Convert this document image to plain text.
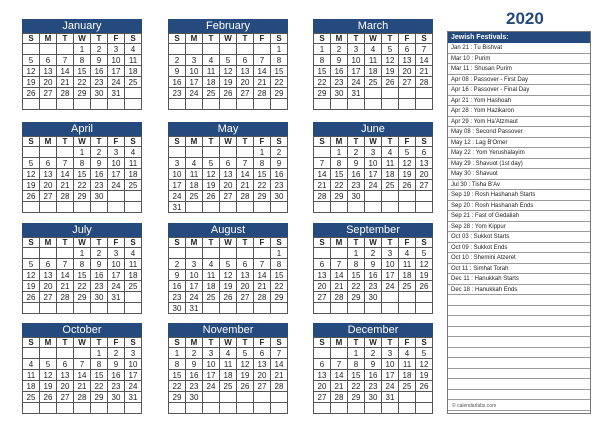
2020
January
S	M	T	W	T	F	S
			1	2	3	4
5	6	7	8	9	10	11
12	13	14	15	16	17	18
19	20	21	22	23	24	25
26	27	28	29	30	31	

February
S	M	T	W	T	F	S
						1
2	3	4	5	6	7	8
9	10	11	12	13	14	15
16	17	18	19	20	21	22
23	24	25	26	27	28	29

March
S	M	T	W	T	F	S
1	2	3	4	5	6	7
8	9	10	11	12	13	14
15	16	17	18	19	20	21
22	23	24	25	26	27	28
29	30	31				

April
S	M	T	W	T	F	S
			1	2	3	4
5	6	7	8	9	10	11
12	13	14	15	16	17	18
19	20	21	22	23	24	25
26	27	28	29	30		

May
S	M	T	W	T	F	S
					1	2
3	4	5	6	7	8	9
10	11	12	13	14	15	16
17	18	19	20	21	22	23
24	25	26	27	28	29	30
31						
June
S	M	T	W	T	F	S
	1	2	3	4	5	6
7	8	9	10	11	12	13
14	15	16	17	18	19	20
21	22	23	24	25	26	27
28	29	30				

July
S	M	T	W	T	F	S
			1	2	3	4
5	6	7	8	9	10	11
12	13	14	15	16	17	18
19	20	21	22	23	24	25
26	27	28	29	30	31	

August
S	M	T	W	T	F	S
						1
2	3	4	5	6	7	8
9	10	11	12	13	14	15
16	17	18	19	20	21	22
23	24	25	26	27	28	29
30	31					
September
S	M	T	W	T	F	S
		1	2	3	4	5
6	7	8	9	10	11	12
13	14	15	16	17	18	19
20	21	22	23	24	25	26
27	28	29	30			

October
S	M	T	W	T	F	S
				1	2	3
4	5	6	7	8	9	10
11	12	13	14	15	16	17
18	19	20	21	22	23	24
25	26	27	28	29	30	31

November
S	M	T	W	T	F	S
1	2	3	4	5	6	7
8	9	10	11	12	13	14
15	16	17	18	19	20	21
22	23	24	25	26	27	28
29	30					

December
S	M	T	W	T	F	S
		1	2	3	4	5
6	7	8	9	10	11	12
13	14	15	16	17	18	19
20	21	22	23	24	25	26
27	28	29	30	31		

Jewish Festivals:
Jan 21 : Tu Bishvat
Mar 10 : Purim
Mar 11 : Shusan Purim
Apr 08 : Passover - First Day
Apr 16 : Passover - Final Day
Apr 21 : Yom Hashoah
Apr 28 : Yom Hazikaron
Apr 29 : Yom Ha'Atzmaut
May 08 : Second Passover
May 12 : Lag B'Omer
May 22 : Yom Yerushalayim
May 29 : Shavuot (1st day)
May 30 : Shavuot
Jul 30 : Tisha B'Av
Sep 19 : Rosh Hashanah Starts
Sep 20 : Rosh Hashanah Ends
Sep 21 : Fast of Gedaliah
Sep 28 : Yom Kippur
Oct 03 : Sukkot Starts
Oct 09 : Sukkot Ends
Oct 10 : Shemini Atzeret
Oct 11 : Simhat Torah
Dec 11 : Hanukkah Starts
Dec 18 : Hanukkah Ends
© calendarlabs.com
